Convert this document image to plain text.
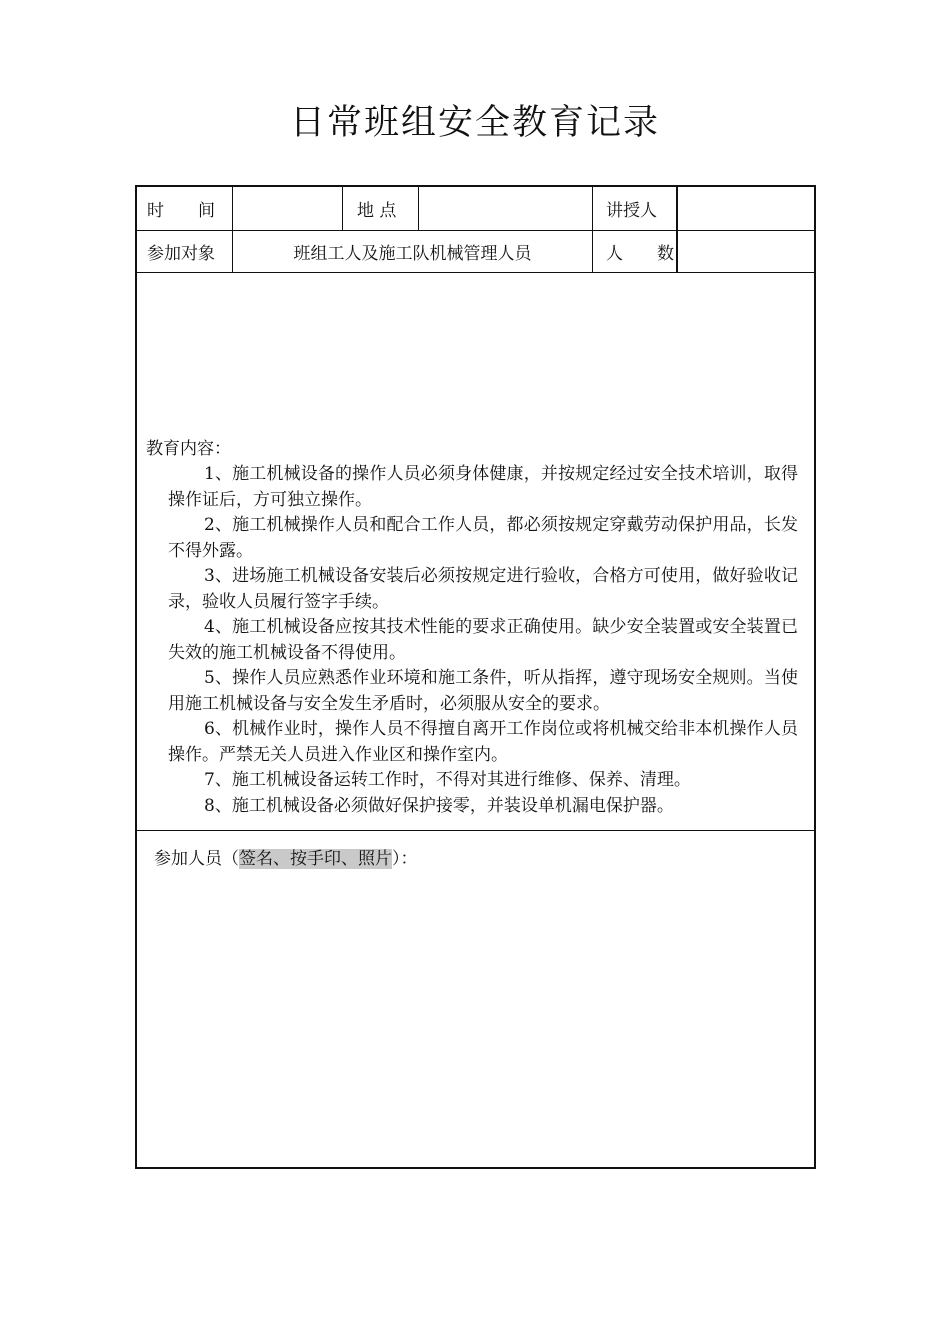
日常班组安全教育记录
时　　间	地 点	讲授人
参加对象	班组工人及施工队机械管理人员	人　　数
教育内容：
1、施工机械设备的操作人员必须身体健康，并按规定经过安全技术培训，取得操作证后，方可独立操作。
2、施工机械操作人员和配合工作人员，都必须按规定穿戴劳动保护用品，长发不得外露。
3、进场施工机械设备安装后必须按规定进行验收，合格方可使用，做好验收记录，验收人员履行签字手续。
4、施工机械设备应按其技术性能的要求正确使用。缺少安全装置或安全装置已失效的施工机械设备不得使用。
5、操作人员应熟悉作业环境和施工条件，听从指挥，遵守现场安全规则。当使用施工机械设备与安全发生矛盾时，必须服从安全的要求。
6、机械作业时，操作人员不得擅自离开工作岗位或将机械交给非本机操作人员操作。严禁无关人员进入作业区和操作室内。
7、施工机械设备运转工作时，不得对其进行维修、保养、清理。
8、施工机械设备必须做好保护接零，并装设单机漏电保护器。
参加人员（签名、按手印、照片）：
